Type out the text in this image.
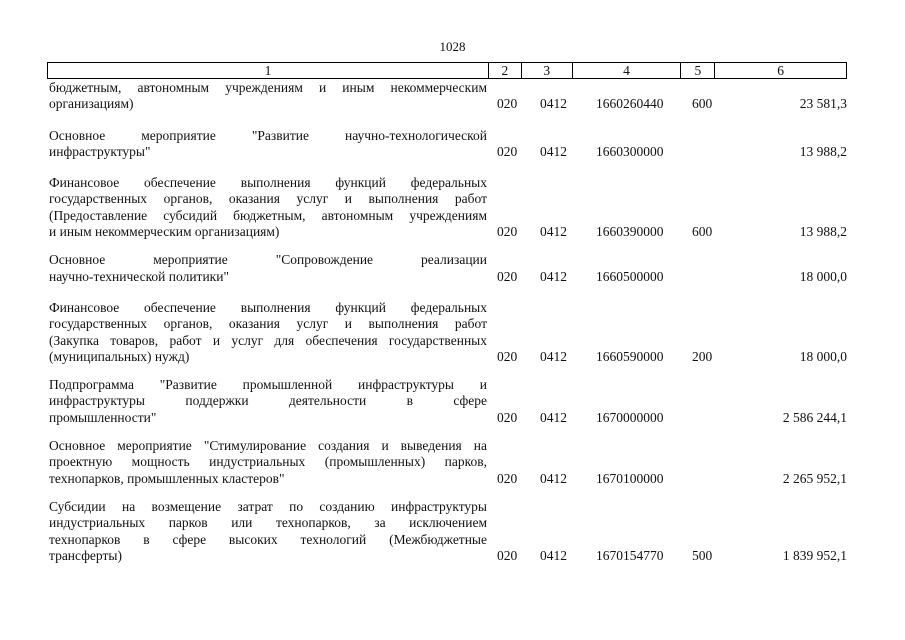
1028
1	2	3	4	5	6
бюджетным, автономным учреждениям и иным некоммерческим
организациям)	020 0412 1660260440 600	23 581,3
Основное мероприятие "Развитие научно-технологической
инфраструктуры"	020 0412 1660300000	13 988,2
Финансовое обеспечение выполнения функций федеральных
государственных органов, оказания услуг и выполнения работ
(Предоставление субсидий бюджетным, автономным учреждениям
и иным некоммерческим организациям)	020 0412 1660390000 600	13 988,2
Основное мероприятие "Сопровождение реализации
научно-технической политики"	020 0412 1660500000	18 000,0
Финансовое обеспечение выполнения функций федеральных
государственных органов, оказания услуг и выполнения работ
(Закупка товаров, работ и услуг для обеспечения государственных
(муниципальных) нужд)	020 0412 1660590000 200	18 000,0
Подпрограмма "Развитие промышленной инфраструктуры и
инфраструктуры поддержки деятельности в сфере
промышленности"	020 0412 1670000000	2 586 244,1
Основное мероприятие "Стимулирование создания и выведения на
проектную мощность индустриальных (промышленных) парков,
технопарков, промышленных кластеров"	020 0412 1670100000	2 265 952,1
Субсидии на возмещение затрат по созданию инфраструктуры
индустриальных парков или технопарков, за исключением
технопарков в сфере высоких технологий (Межбюджетные
трансферты)	020 0412 1670154770 500	1 839 952,1
